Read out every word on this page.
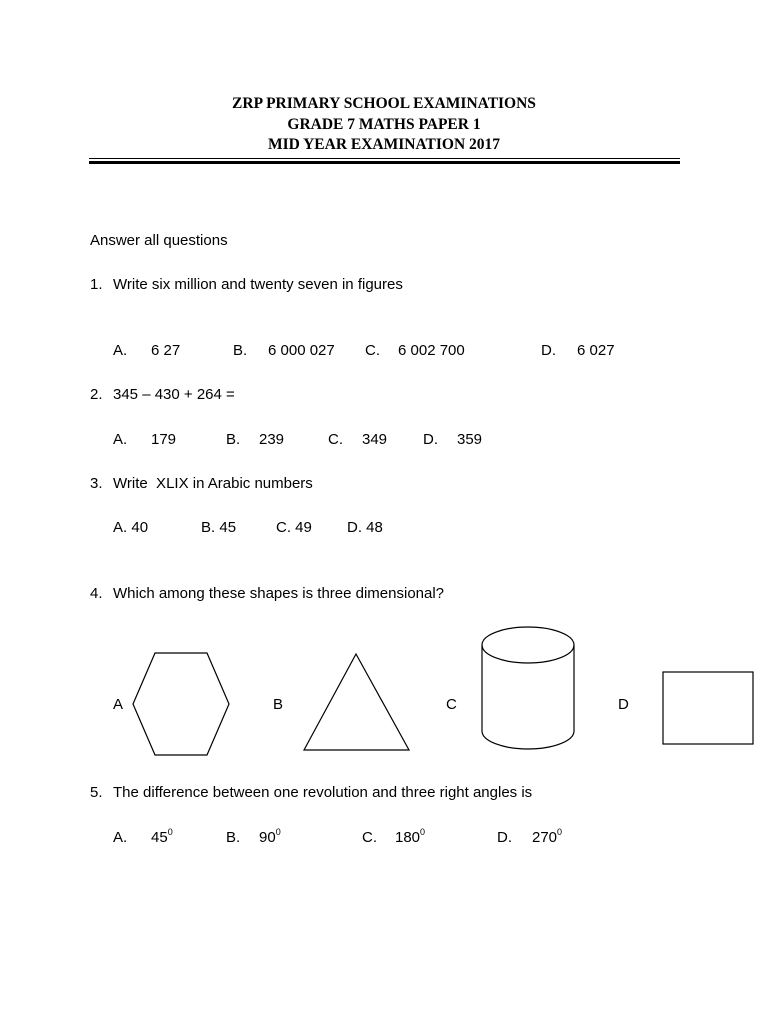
ZRP PRIMARY SCHOOL EXAMINATIONS
GRADE 7 MATHS PAPER 1
MID YEAR EXAMINATION 2017
Answer all questions
1. Write six million and twenty seven in figures
A. 6 27	B. 6 000 027 C. 6 002 700	D. 6 027
2. 345 – 430 + 264 =
A. 179	B. 239	C. 349 D. 359
3. Write  XLIX in Arabic numbers
A. 40	B. 45	C. 49 D. 48
4. Which among these shapes is three dimensional?
A	B	C	D
5. The difference between one revolution and three right angles is
A. $45^0$	B. $90^0$	C. $180^0$	D. $270^0$
